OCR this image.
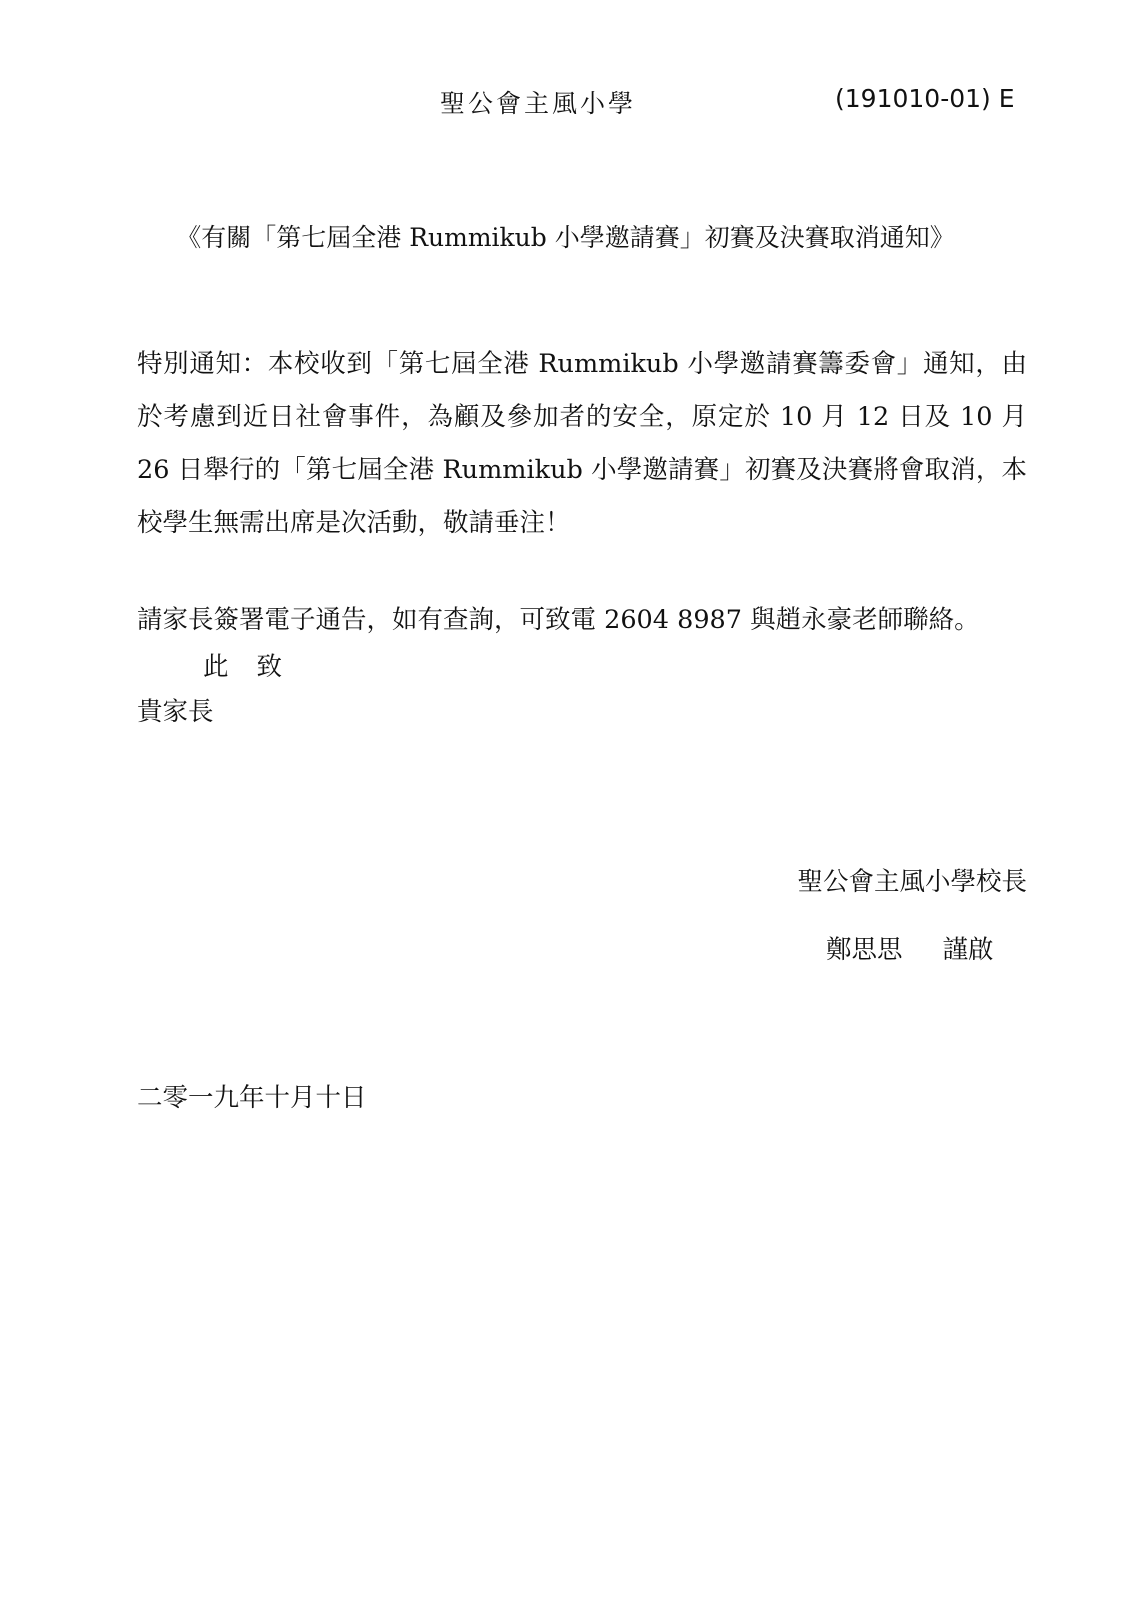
聖公會主風小學	(191010-01) E
《有關「第七屆全港 Rummikub 小學邀請賽」初賽及決賽取消通知》
特別通知：本校收到「第七屆全港 Rummikub 小學邀請賽籌委會」通知，由於考慮到近日社會事件，為顧及參加者的安全，原定於 10 月 12 日及 10 月 26 日舉行的「第七屆全港 Rummikub 小學邀請賽」初賽及決賽將會取消，本校學生無需出席是次活動，敬請垂注！
請家長簽署電子通告，如有查詢，可致電 2604 8987 與趙永豪老師聯絡。
此 致
貴家長
聖公會主風小學校長
鄭思思 謹啟
二零一九年十月十日
